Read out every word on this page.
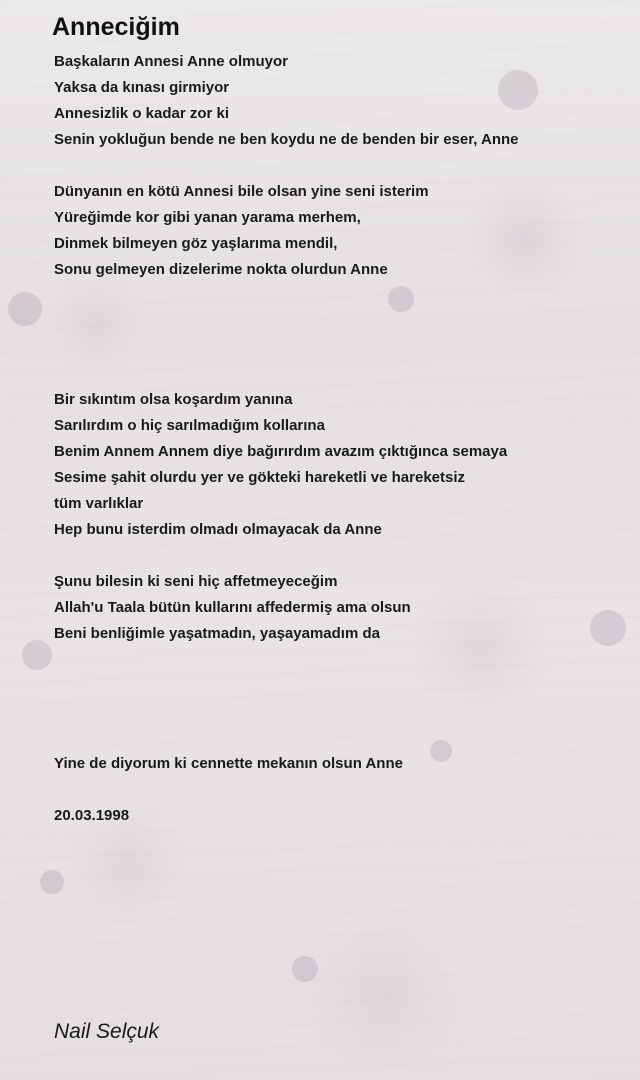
Anneciğim
Başkaların Annesi Anne olmuyor
Yaksa da kınası girmiyor
Annesizlik o kadar zor ki
Senin yokluğun bende ne ben koydu ne de benden bir eser, Anne
Dünyanın en kötü Annesi bile olsan yine seni isterim
Yüreğimde kor gibi yanan yarama merhem,
Dinmek bilmeyen göz yaşlarıma mendil,
Sonu gelmeyen dizelerime nokta olurdun Anne
Bir sıkıntım olsa koşardım yanına
Sarılırdım o hiç sarılmadığım kollarına
Benim Annem Annem diye bağırırdım avazım çıktığınca semaya
Sesime şahit olurdu yer ve gökteki hareketli ve hareketsiz
tüm varlıklar
Hep bunu isterdim olmadı olmayacak da Anne
Şunu bilesin ki seni hiç affetmeyeceğim
Allah'u Taala bütün kullarını affedermiş ama olsun
Beni benliğimle yaşatmadın, yaşayamadım da
Yine de diyorum ki cennette mekanın olsun Anne
20.03.1998
Nail Selçuk
